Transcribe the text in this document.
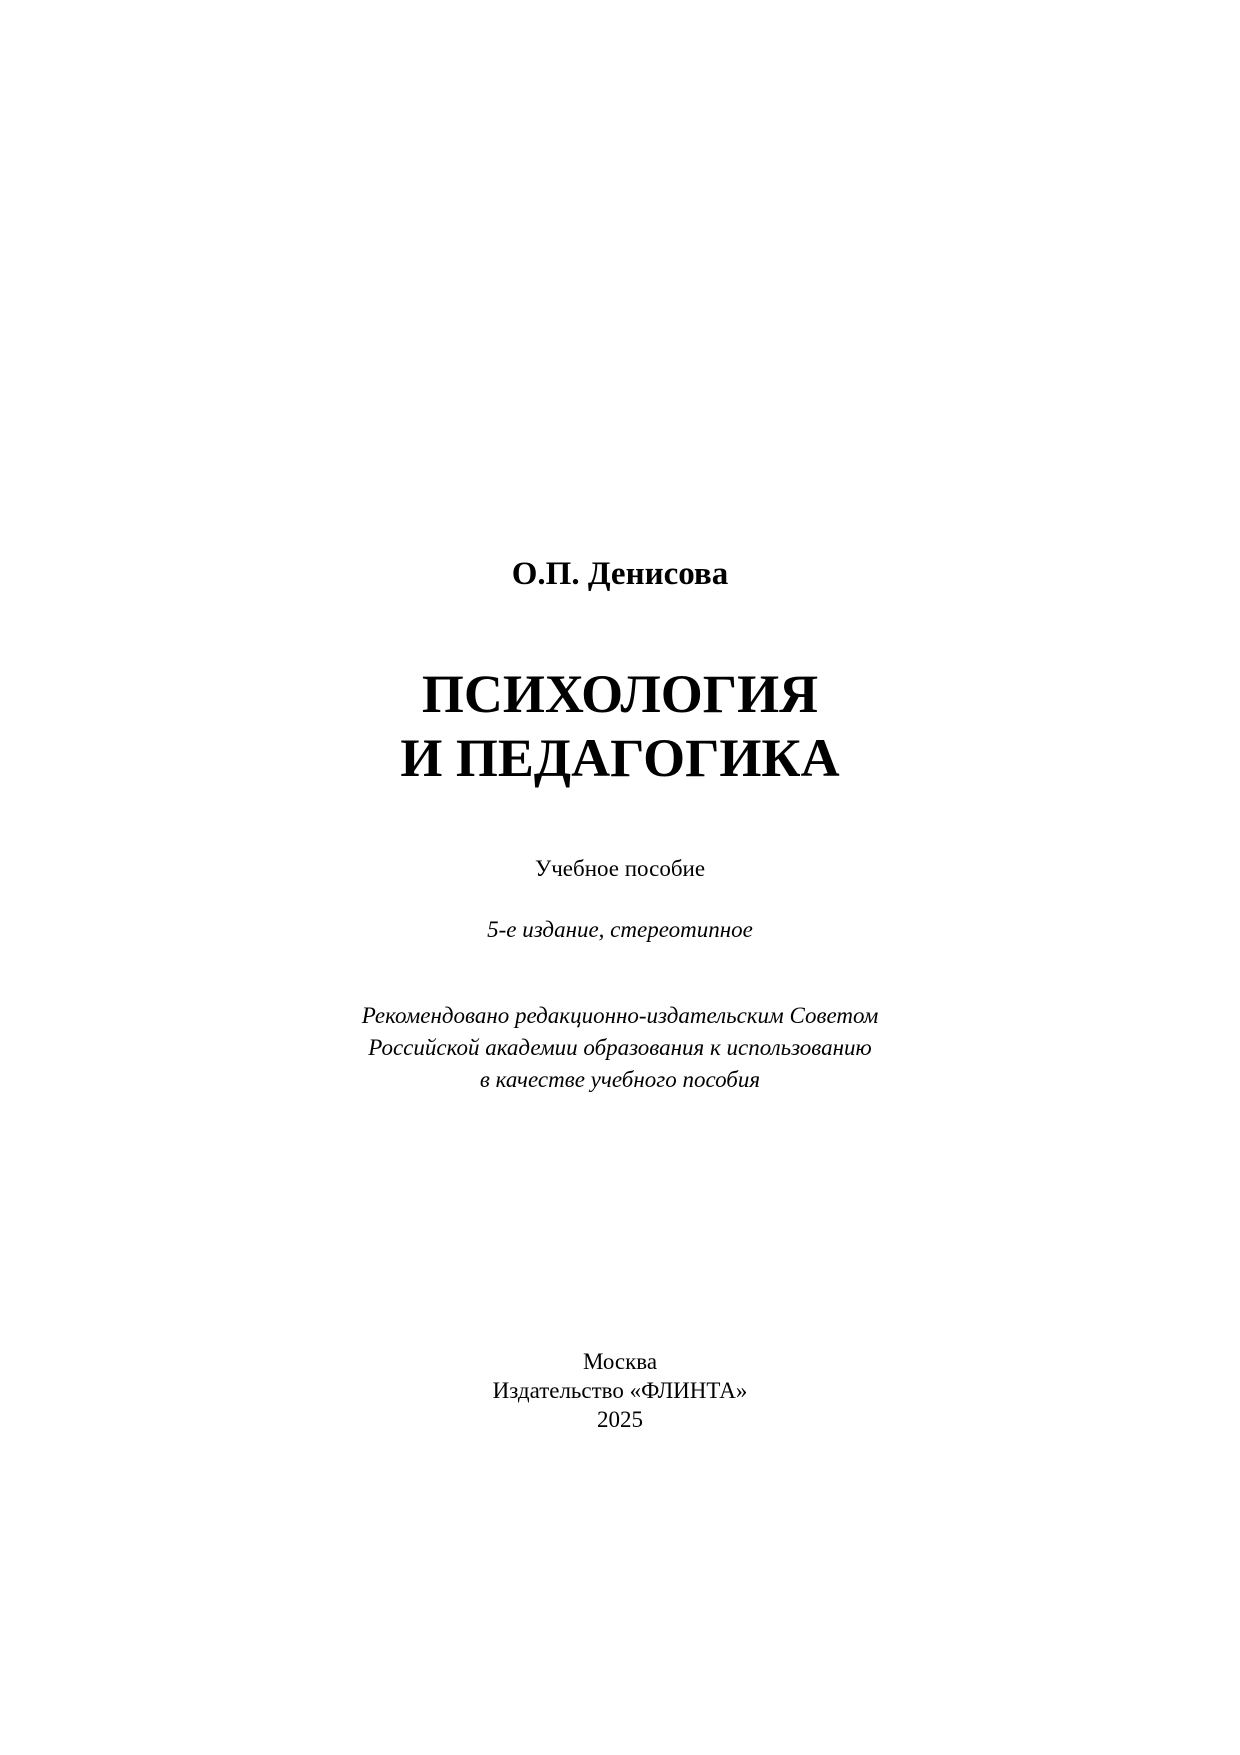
О.П. Денисова
ПСИХОЛОГИЯ
И ПЕДАГОГИКА
Учебное пособие
5-е издание, стереотипное
Рекомендовано редакционно-издательским Советом
Российской академии образования к использованию
в качестве учебного пособия
Москва
Издательство «ФЛИНТА»
2025
